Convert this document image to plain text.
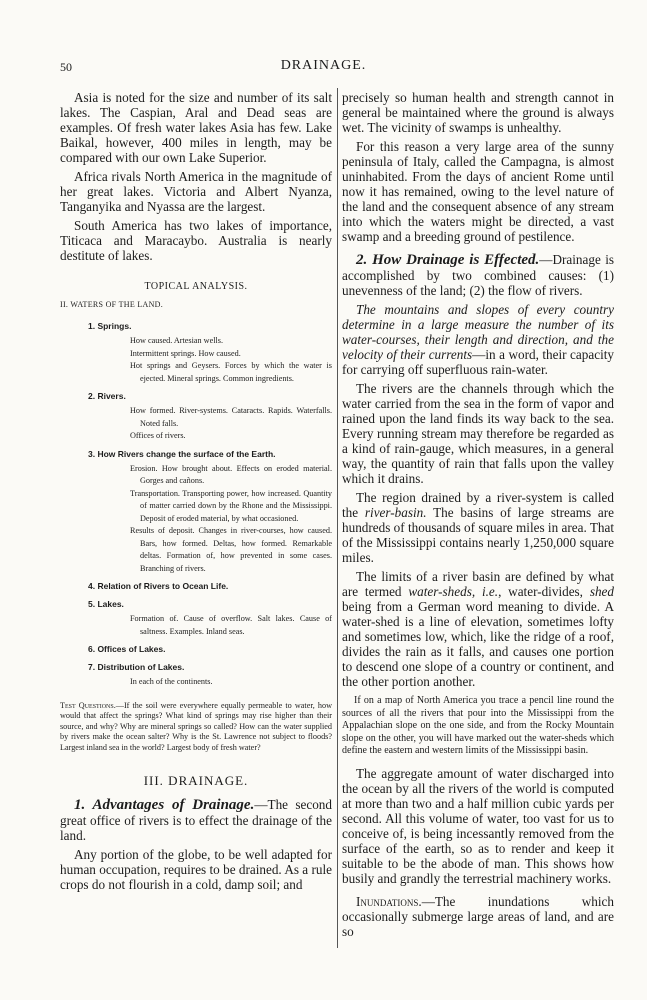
50	DRAINAGE.

Asia is noted for the size and number of its salt lakes. The Caspian, Aral and Dead seas are examples. Of fresh water lakes Asia has few. Lake Baikal, however, 400 miles in length, may be compared with our own Lake Superior.

Africa rivals North America in the magnitude of her great lakes. Victoria and Albert Nyanza, Tanganyika and Nyassa are the largest.

South America has two lakes of importance, Titicaca and Maracaybo. Australia is nearly destitute of lakes.

TOPICAL ANALYSIS.
II. WATERS OF THE LAND.
1. Springs.
How caused. Artesian wells.
Intermittent springs. How caused.
Hot springs and Geysers. Forces by which the water is ejected. Mineral springs. Common ingredients.
2. Rivers.
How formed. River-systems. Cataracts. Rapids. Waterfalls. Noted falls.
Offices of rivers.
3. How Rivers change the surface of the Earth.
Erosion. How brought about. Effects on eroded material. Gorges and cañons.
Transportation. Transporting power, how increased. Quantity of matter carried down by the Rhone and the Mississippi. Deposit of eroded material, by what occasioned.
Results of deposit. Changes in river-courses, how caused. Bars, how formed. Deltas, how formed. Remarkable deltas. Formation of, how prevented in some cases. Branching of rivers.
4. Relation of Rivers to Ocean Life.
5. Lakes.
Formation of. Cause of overflow. Salt lakes. Cause of saltness. Examples. Inland seas.
6. Offices of Lakes.
7. Distribution of Lakes.
In each of the continents.

Test Questions.—If the soil were everywhere equally permeable to water, how would that affect the springs? What kind of springs may rise higher than their source, and why? Why are mineral springs so called? How can the water supplied by rivers make the ocean salter? Why is the St. Lawrence not subject to floods? Largest inland sea in the world? Largest body of fresh water?

III. DRAINAGE.

1. Advantages of Drainage.—The second great office of rivers is to effect the drainage of the land.

Any portion of the globe, to be well adapted for human occupation, requires to be drained. As a rule crops do not flourish in a cold, damp soil; and

precisely so human health and strength cannot in general be maintained where the ground is always wet. The vicinity of swamps is unhealthy.

For this reason a very large area of the sunny peninsula of Italy, called the Campagna, is almost uninhabited. From the days of ancient Rome until now it has remained, owing to the level nature of the land and the consequent absence of any stream into which the waters might be directed, a vast swamp and a breeding ground of pestilence.

2. How Drainage is Effected.—Drainage is accomplished by two combined causes: (1) unevenness of the land; (2) the flow of rivers.

The mountains and slopes of every country determine in a large measure the number of its water-courses, their length and direction, and the velocity of their currents—in a word, their capacity for carrying off superfluous rain-water.

The rivers are the channels through which the water carried from the sea in the form of vapor and rained upon the land finds its way back to the sea. Every running stream may therefore be regarded as a kind of rain-gauge, which measures, in a general way, the quantity of rain that falls upon the valley which it drains.

The region drained by a river-system is called the river-basin. The basins of large streams are hundreds of thousands of square miles in area. That of the Mississippi contains nearly 1,250,000 square miles.

The limits of a river basin are defined by what are termed water-sheds, i.e., water-divides, shed being from a German word meaning to divide. A water-shed is a line of elevation, sometimes lofty and sometimes low, which, like the ridge of a roof, divides the rain as it falls, and causes one portion to descend one slope of a country or continent, and the other portion another.

If on a map of North America you trace a pencil line round the sources of all the rivers that pour into the Mississippi from the Appalachian slope on the one side, and from the Rocky Mountain slope on the other, you will have marked out the water-sheds which define the eastern and western limits of the Mississippi basin.

The aggregate amount of water discharged into the ocean by all the rivers of the world is computed at more than two and a half million cubic yards per second. All this volume of water, too vast for us to conceive of, is being incessantly removed from the surface of the earth, so as to render and keep it suitable to be the abode of man. This shows how busily and grandly the terrestrial machinery works.

Inundations.—The inundations which occasionally submerge large areas of land, and are so
